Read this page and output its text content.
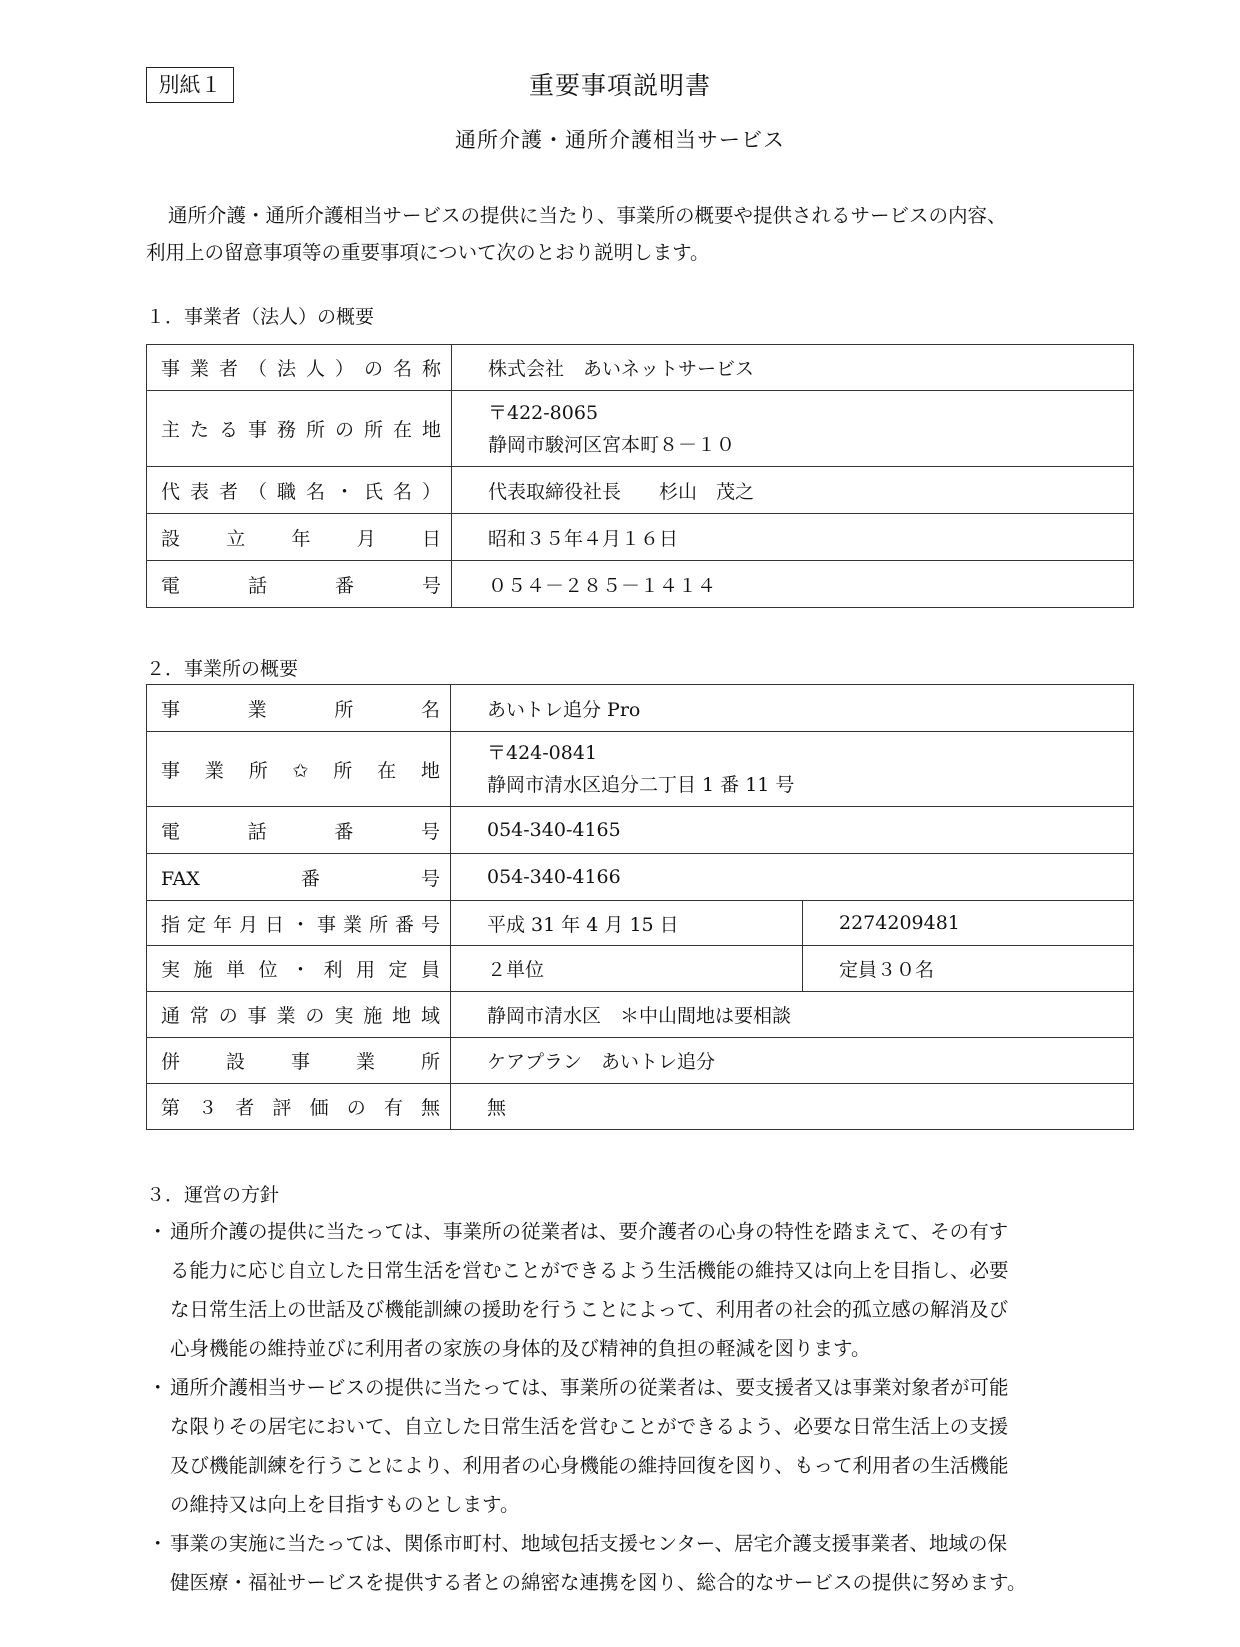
別紙１	重要事項説明書
通所介護・通所介護相当サービス
通所介護・通所介護相当サービスの提供に当たり、事業所の概要や提供されるサービスの内容、
利用上の留意事項等の重要事項について次のとおり説明します。
１．事業者（法人）の概要
事業者（法人）の名称	株式会社　あいネットサービス

主たる事務所の所在地	〒422-8065
静岡市駿河区宮本町８－１０

代表者（職名・氏名）	代表取締役社長　　杉山　茂之

設立年月日	昭和３５年４月１６日

電話番号	０５４－２８５－１４１４
２．事業所の概要
事業所名	あいトレ追分 Pro	

事業所✩所在地	〒424-0841
静岡市清水区追分二丁目 1 番 11 号	

電話番号	054-340-4165	

FAX番号	054-340-4166	

指定年月日・事業所番号	平成 31 年 4 月 15 日	2274209481

実施単位・利用定員	２単位	定員３０名

通常の事業の実施地域	静岡市清水区　＊中山間地は要相談	

併設事業所	ケアプラン　あいトレ追分	

第３者評価の有無	無	
３．運営の方針
・ 通所介護の提供に当たっては、事業所の従業者は、要介護者の心身の特性を踏まえて、その有す
る能力に応じ自立した日常生活を営むことができるよう生活機能の維持又は向上を目指し、必要
な日常生活上の世話及び機能訓練の援助を行うことによって、利用者の社会的孤立感の解消及び
心身機能の維持並びに利用者の家族の身体的及び精神的負担の軽減を図ります。
・ 通所介護相当サービスの提供に当たっては、事業所の従業者は、要支援者又は事業対象者が可能
な限りその居宅において、自立した日常生活を営むことができるよう、必要な日常生活上の支援
及び機能訓練を行うことにより、利用者の心身機能の維持回復を図り、もって利用者の生活機能
の維持又は向上を目指すものとします。
・ 事業の実施に当たっては、関係市町村、地域包括支援センター、居宅介護支援事業者、地域の保
健医療・福祉サービスを提供する者との綿密な連携を図り、総合的なサービスの提供に努めます。
